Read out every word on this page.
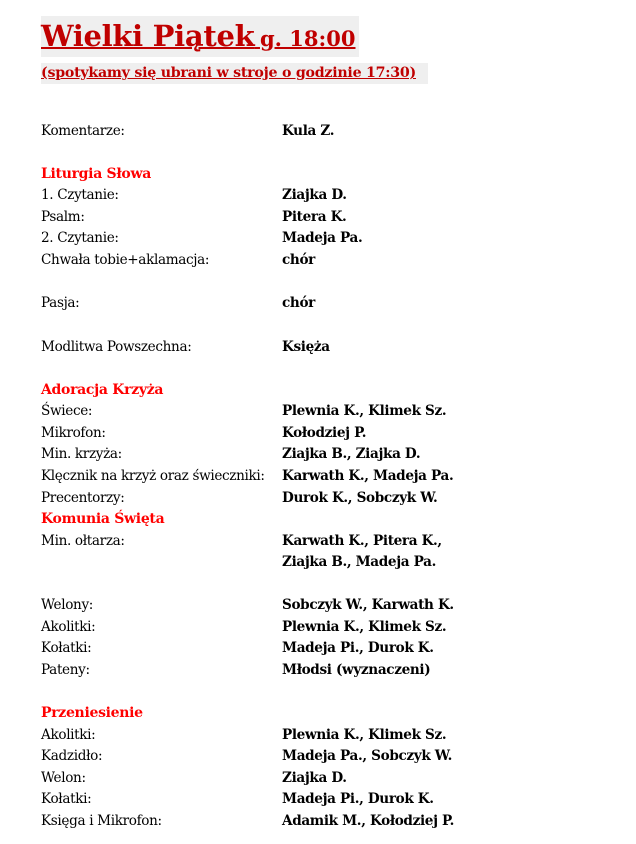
Wielki Piątek g. 18:00
(spotykamy się ubrani w stroje o godzinie 17:30)
Komentarze:	Kula Z.
Liturgia Słowa
1. Czytanie:	Ziajka D.
Psalm:	Pitera K.
2. Czytanie:	Madeja Pa.
Chwała tobie+aklamacja:	chór
Pasja:	chór
Modlitwa Powszechna:	Księża
Adoracja Krzyża
Świece:	Plewnia K., Klimek Sz.
Mikrofon:	Kołodziej P.
Min. krzyża:	Ziajka B., Ziajka D.
Klęcznik na krzyż oraz świeczniki: Karwath K., Madeja Pa.
Precentorzy:	Durok K., Sobczyk W.
Komunia Święta
Min. ołtarza:	Karwath K., Pitera K.,
Ziajka B., Madeja Pa.
Welony:	Sobczyk W., Karwath K.
Akolitki:	Plewnia K., Klimek Sz.
Kołatki:	Madeja Pi., Durok K.
Pateny:	Młodsi (wyznaczeni)
Przeniesienie
Akolitki:	Plewnia K., Klimek Sz.
Kadzidło:	Madeja Pa., Sobczyk W.
Welon:	Ziajka D.
Kołatki:	Madeja Pi., Durok K.
Księga i Mikrofon:	Adamik M., Kołodziej P.
